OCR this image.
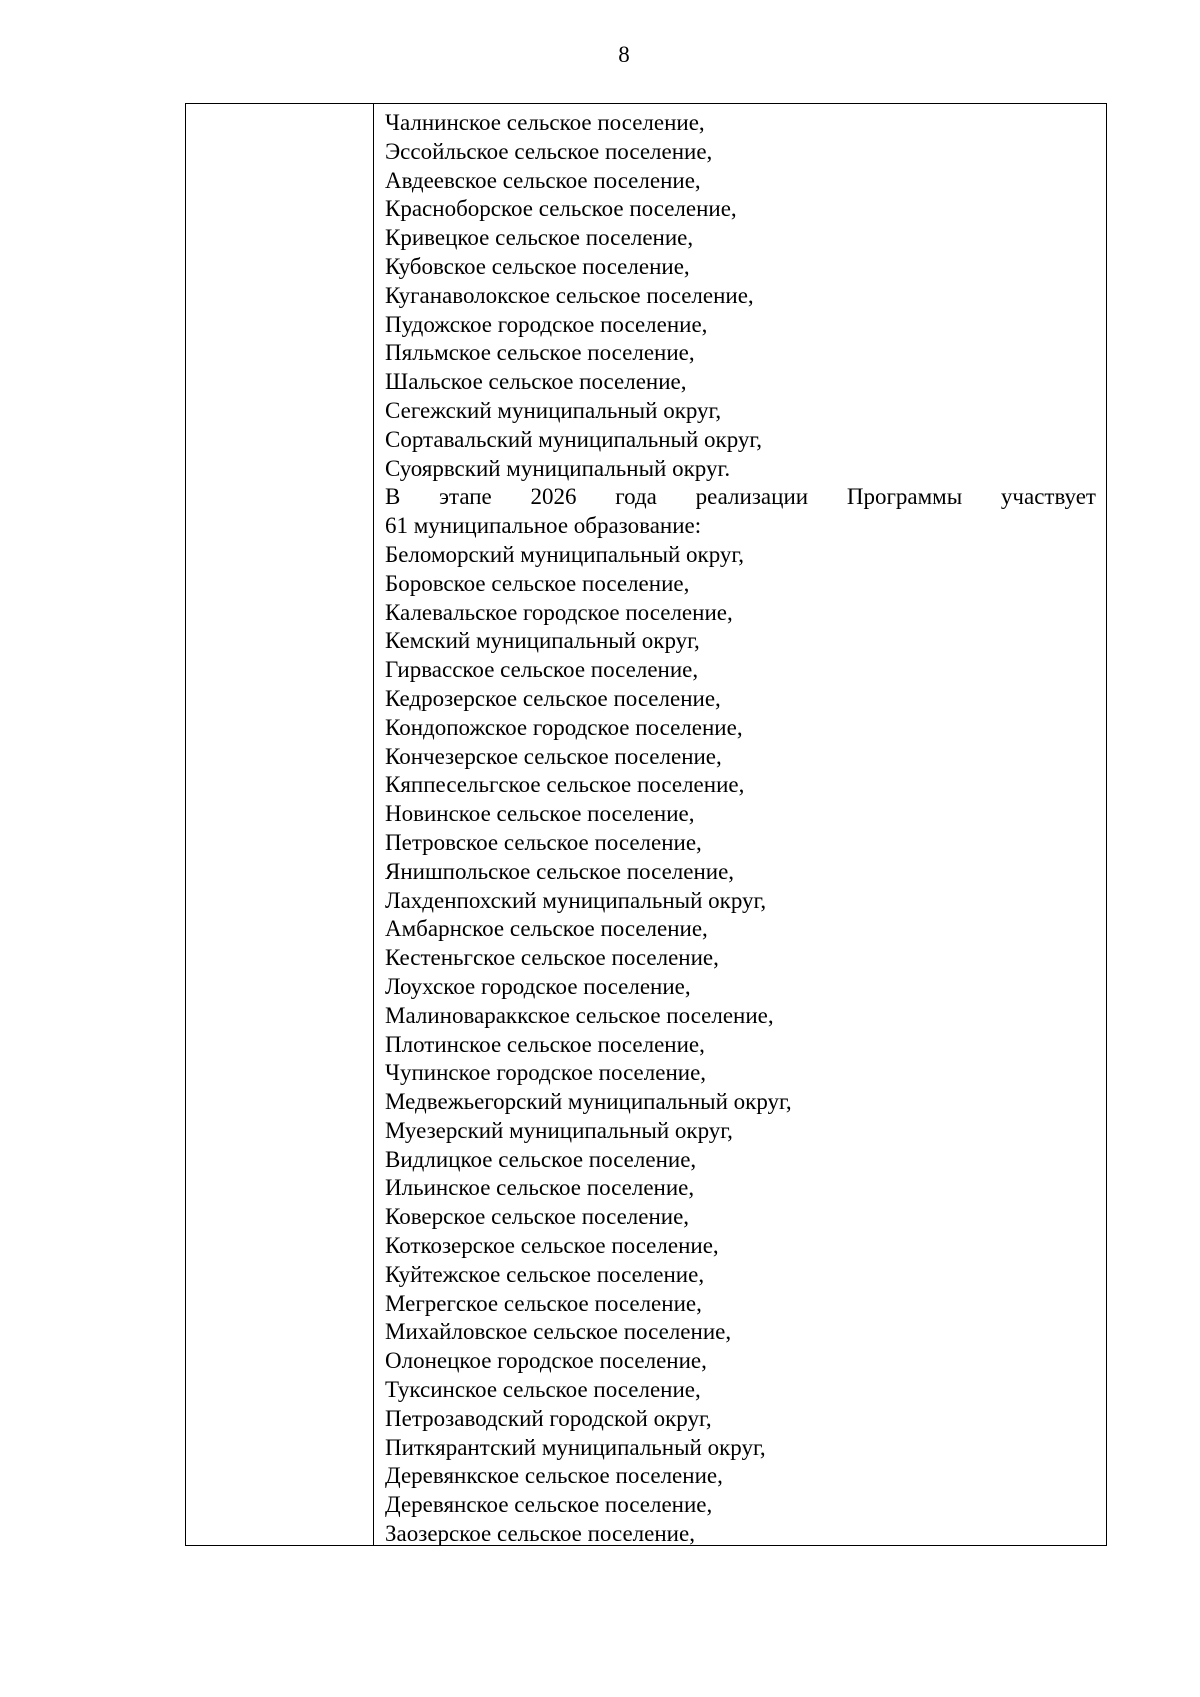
8
Чалнинское сельское поселение,
Эссойльское сельское поселение,
Авдеевское сельское поселение,
Красноборское сельское поселение,
Кривецкое сельское поселение,
Кубовское сельское поселение,
Куганаволокское сельское поселение,
Пудожское городское поселение,
Пяльмское сельское поселение,
Шальское сельское поселение,
Сегежский муниципальный округ,
Сортавальский муниципальный округ,
Суоярвский муниципальный округ.
В этапе 2026 года реализации Программы участвует
61 муниципальное образование:
Беломорский муниципальный округ,
Боровское сельское поселение,
Калевальское городское поселение,
Кемский муниципальный округ,
Гирвасское сельское поселение,
Кедрозерское сельское поселение,
Кондопожское городское поселение,
Кончезерское сельское поселение,
Кяппесельгское сельское поселение,
Новинское сельское поселение,
Петровское сельское поселение,
Янишпольское сельское поселение,
Лахденпохский муниципальный округ,
Амбарнское сельское поселение,
Кестеньгское сельское поселение,
Лоухское городское поселение,
Малиновараккское сельское поселение,
Плотинское сельское поселение,
Чупинское городское поселение,
Медвежьегорский муниципальный округ,
Муезерский муниципальный округ,
Видлицкое сельское поселение,
Ильинское сельское поселение,
Коверское сельское поселение,
Коткозерское сельское поселение,
Куйтежское сельское поселение,
Мегрегское сельское поселение,
Михайловское сельское поселение,
Олонецкое городское поселение,
Туксинское сельское поселение,
Петрозаводский городской округ,
Питкярантский муниципальный округ,
Деревянкское сельское поселение,
Деревянское сельское поселение,
Заозерское сельское поселение,
